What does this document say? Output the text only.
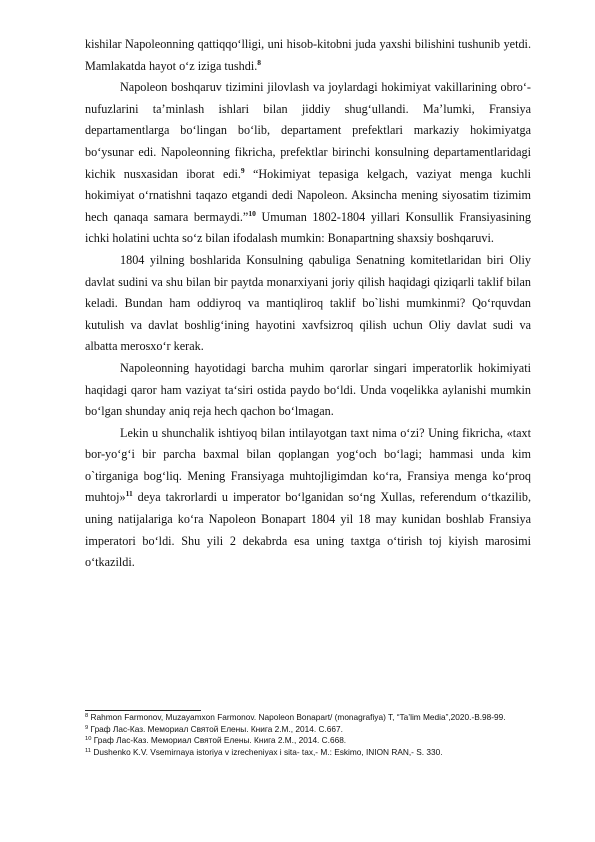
kishilar Napoleonning qattiqqo‘lligi, uni hisob-kitobni juda yaxshi bilishini tushunib yetdi. Mamlakatda hayot o‘z iziga tushdi.$^8$

Napoleon boshqaruv tizimini jilovlash va joylardagi hokimiyat vakillarining obro‘- nufuzlarini ta’minlash ishlari bilan jiddiy shug‘ullandi. Ma’lumki, Fransiya departamentlarga bo‘lingan bo‘lib, departament prefektlari markaziy hokimiyatga bo‘ysunar edi. Napoleonning fikricha, prefektlar birinchi konsulning departamentlaridagi kichik nusxasidan iborat edi.$^9$ “Hokimiyat tepasiga kelgach, vaziyat menga kuchli hokimiyat o‘rnatishni taqazo etgandi dedi Napoleon. Aksincha mening siyosatim tizimim hech qanaqa samara bermaydi.”$^{10}$ Umuman 1802-1804 yillari Konsullik Fransiyasining ichki holatini uchta so‘z bilan ifodalash mumkin: Bonapartning shaxsiy boshqaruvi.

1804 yilning boshlarida Konsulning qabuliga Senatning komitetlaridan biri Oliy davlat sudini va shu bilan bir paytda monarxiyani joriy qilish haqidagi qiziqarli taklif bilan keladi. Bundan ham oddiyroq va mantiqliroq taklif bo`lishi mumkinmi? Qo‘rquvdan kutulish va davlat boshlig‘ining hayotini xavfsizroq qilish uchun Oliy davlat sudi va albatta merosxo‘r kerak.

Napoleonning hayotidagi barcha muhim qarorlar singari imperatorlik hokimiyati haqidagi qaror ham vaziyat ta‘siri ostida paydo bo‘ldi. Unda voqelikka aylanishi mumkin bo‘lgan shunday aniq reja hech qachon bo‘lmagan.

Lekin u shunchalik ishtiyoq bilan intilayotgan taxt nima o‘zi? Uning fikricha, «taxt bor-yo‘g‘i bir parcha baxmal bilan qoplangan yog‘och bo‘lagi; hammasi unda kim o`tirganiga bog‘liq. Mening Fransiyaga muhtojligimdan ko‘ra, Fransiya menga ko‘proq muhtoj»$^{11}$ deya takrorlardi u imperator bo‘lganidan so‘ng Xullas, referendum o‘tkazilib, uning natijalariga ko‘ra Napoleon Bonapart 1804 yil 18 may kunidan boshlab Fransiya imperatori bo‘ldi. Shu yili 2 dekabrda esa uning taxtga o‘tirish toj kiyish marosimi o‘tkazildi.

$^8$ Rahmon Farmonov, Muzayamxon Farmonov. Napoleon Bonapart/ (monagrafiya) T, “Ta’lim Media”,2020.-B.98-99.

$^9$ Граф Лас-Каз. Мемориал Святой Елены. Книга 2.М., 2014. С.667.

$^{10}$ Граф Лас-Каз. Мемориал Святой Елены. Книга 2.М., 2014. С.668.

$^{11}$ Dushenko K.V. Vsemirnaya istoriya v izrecheniyax i sita- tax,- M.: Eskimo, INION RAN,- S. 330.
